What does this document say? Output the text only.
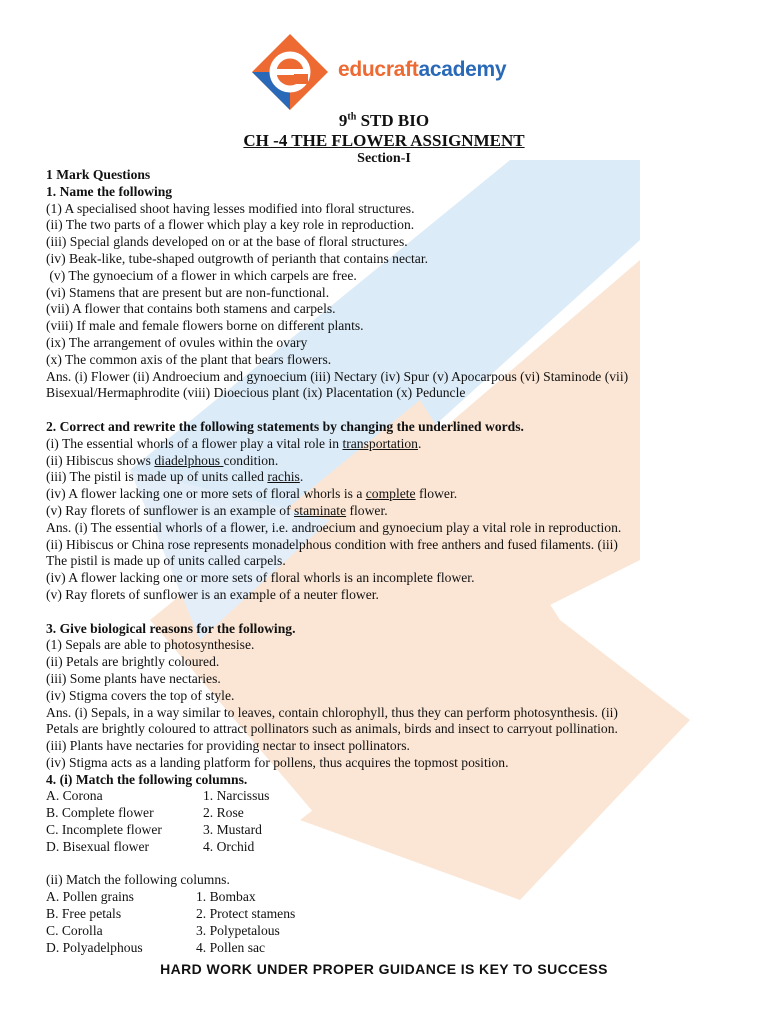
educraftacademy
9th STD BIO
CH -4 THE FLOWER ASSIGNMENT
Section-I
1 Mark Questions
1. Name the following
(1) A specialised shoot having lesses modified into floral structures.
(ii) The two parts of a flower which play a key role in reproduction.
(iii) Special glands developed on or at the base of floral structures.
(iv) Beak-like, tube-shaped outgrowth of perianth that contains nectar.
(v) The gynoecium of a flower in which carpels are free.
(vi) Stamens that are present but are non-functional.
(vii) A flower that contains both stamens and carpels.
(viii) If male and female flowers borne on different plants.
(ix) The arrangement of ovules within the ovary
(x) The common axis of the plant that bears flowers.
Ans. (i) Flower (ii) Androecium and gynoecium (iii) Nectary (iv) Spur (v) Apocarpous (vi) Staminode (vii)
Bisexual/Hermaphrodite (viii) Dioecious plant (ix) Placentation (x) Peduncle
2. Correct and rewrite the following statements by changing the underlined words.
(i) The essential whorls of a flower play a vital role in transportation.
(ii) Hibiscus shows diadelphous condition.
(iii) The pistil is made up of units called rachis.
(iv) A flower lacking one or more sets of floral whorls is a complete flower.
(v) Ray florets of sunflower is an example of staminate flower.
Ans. (i) The essential whorls of a flower, i.e. androecium and gynoecium play a vital role in reproduction.
(ii) Hibiscus or China rose represents monadelphous condition with free anthers and fused filaments. (iii)
The pistil is made up of units called carpels.
(iv) A flower lacking one or more sets of floral whorls is an incomplete flower.
(v) Ray florets of sunflower is an example of a neuter flower.
3. Give biological reasons for the following.
(1) Sepals are able to photosynthesise.
(ii) Petals are brightly coloured.
(iii) Some plants have nectaries.
(iv) Stigma covers the top of style.
Ans. (i) Sepals, in a way similar to leaves, contain chlorophyll, thus they can perform photosynthesis. (ii)
Petals are brightly coloured to attract pollinators such as animals, birds and insect to carryout pollination.
(iii) Plants have nectaries for providing nectar to insect pollinators.
(iv) Stigma acts as a landing platform for pollens, thus acquires the topmost position.
4. (i) Match the following columns.
A. Corona	1. Narcissus
B. Complete flower	2. Rose
C. Incomplete flower	3. Mustard
D. Bisexual flower	4. Orchid
(ii) Match the following columns.
A. Pollen grains	1. Bombax
B. Free petals	2. Protect stamens
C. Corolla	3. Polypetalous
D. Polyadelphous	4. Pollen sac
HARD WORK UNDER PROPER GUIDANCE IS KEY TO SUCCESS
